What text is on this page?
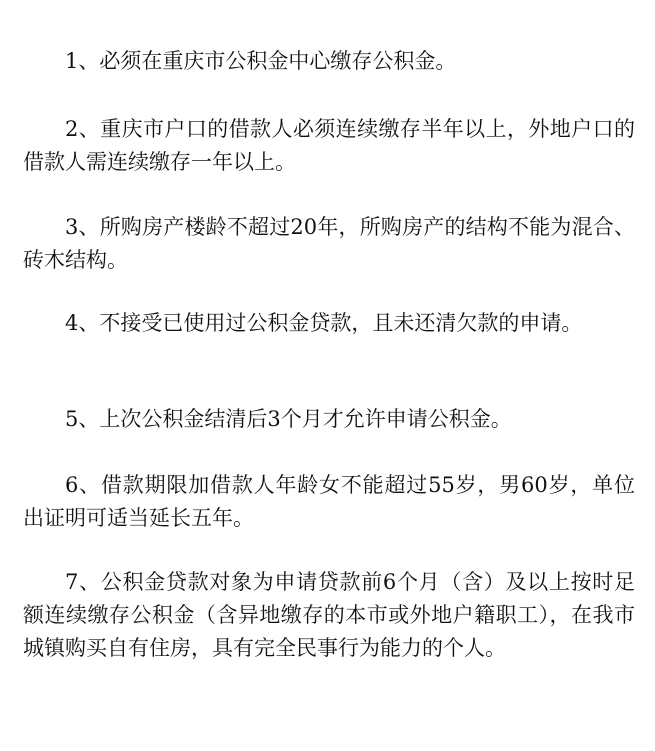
1、必须在重庆市公积金中心缴存公积金。

2、重庆市户口的借款人必须连续缴存半年以上，外地户口的借款人需连续缴存一年以上。

3、所购房产楼龄不超过20年，所购房产的结构不能为混合、砖木结构。

4、不接受已使用过公积金贷款，且未还清欠款的申请。

5、上次公积金结清后3个月才允许申请公积金。

6、借款期限加借款人年龄女不能超过55岁，男60岁，单位出证明可适当延长五年。

7、公积金贷款对象为申请贷款前6个月（含）及以上按时足额连续缴存公积金（含异地缴存的本市或外地户籍职工），在我市城镇购买自有住房，具有完全民事行为能力的个人。
